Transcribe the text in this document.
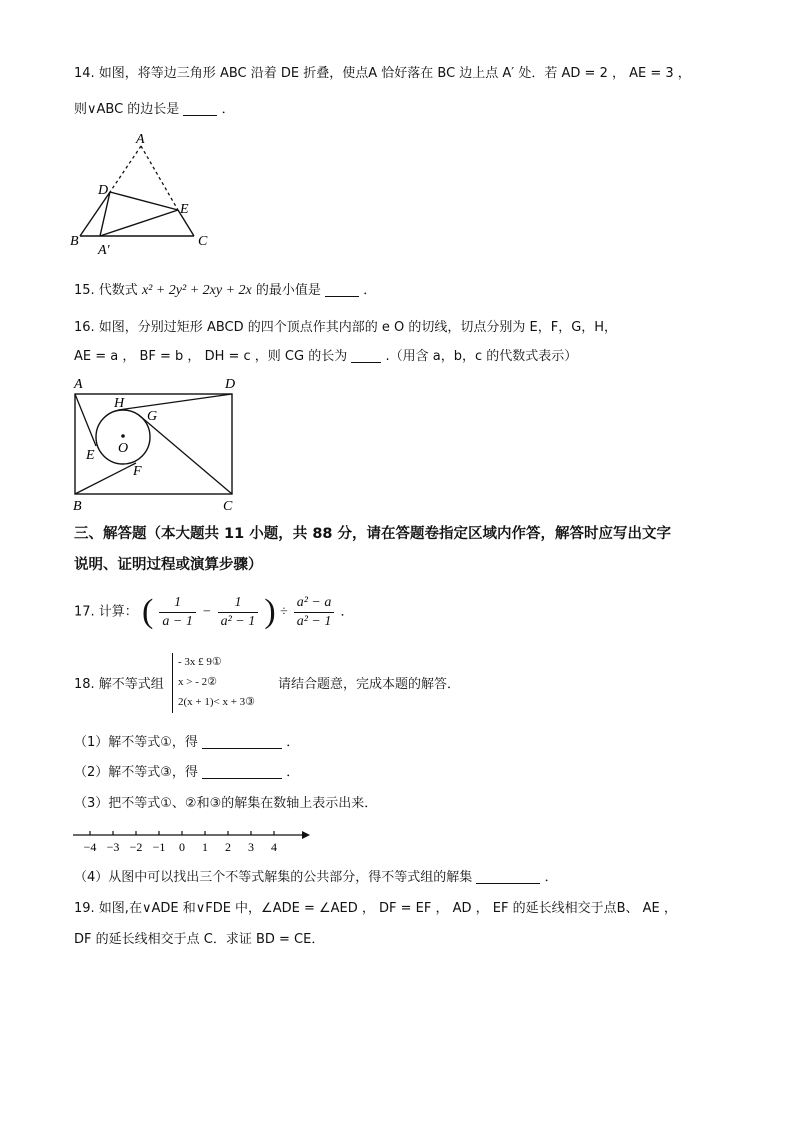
14. 如图，将等边三角形 ABC 沿着 DE 折叠，使点A 恰好落在 BC 边上点 A′ 处．若 AD = 2 ， AE = 3 ，
则∨ABC 的边长是	．
A
B	C
D
E
A′
15. 代数式 x² + 2y² + 2xy + 2x 的最小值是	．
16. 如图，分别过矩形 ABCD 的四个顶点作其内部的 e O 的切线，切点分别为 E，F，G，H，
AE = a ， BF = b ， DH = c ，则 CG 的长为	.（用含 a，b，c 的代数式表示）
A	D
B	C
H
G
E
F
O
三、解答题（本大题共 11 小题，共 88 分，请在答题卷指定区域内作答，解答时应写出文字
说明、证明过程或演算步骤）
17. 计算： ( $\frac{1}{a - 1} - \frac{1}{\text{a² − 1}}$ ) ÷ $\frac{\text{a² − a}}{\text{a² − 1}}$ ．
18. 解不等式组
- 3x £ 9①
x > - 2②
2(x + 1)< x + 3③
请结合题意，完成本题的解答．
（1）解不等式①，得	．
（2）解不等式③，得	．
（3）把不等式①、②和③的解集在数轴上表示出来．
−4 −3 −2 −1 0 1 2 3 4
（4）从图中可以找出三个不等式解集的公共部分，得不等式组的解集	．
19. 如图,在∨ADE 和∨FDE 中，∠ADE = ∠AED ， DF = EF ， AD ， EF 的延长线相交于点B、 AE ，
DF 的延长线相交于点 C．求证 BD = CE．
